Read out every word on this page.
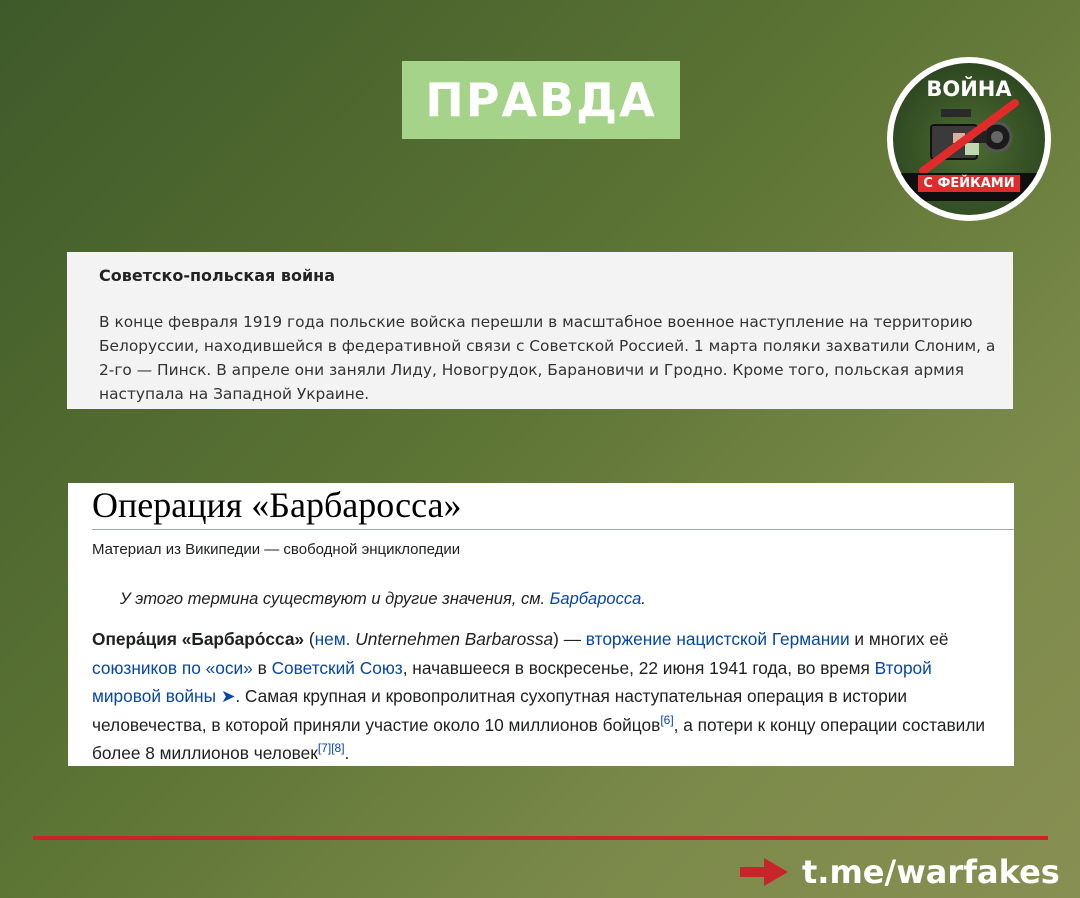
ПРАВДА	ВОЙНА
С ФЕЙКАМИ
Советско-польская война

В конце февраля 1919 года польские войска перешли в масштабное военное наступление на территорию Белоруссии, находившейся в федеративной связи с Советской Россией. 1 марта поляки захватили Слоним, а 2-го — Пинск. В апреле они заняли Лиду, Новогрудок, Барановичи и Гродно. Кроме того, польская армия наступала на Западной Украине.

Операция «Барбаросса»
Материал из Википедии — свободной энциклопедии
У этого термина существуют и другие значения, см. Барбаросса.

Опера́ция «Барбаро́сса» (нем. Unternehmen Barbarossa) — вторжение нацистской Германии и многих её союзников по «оси» в Советский Союз, начавшееся в воскресенье, 22 июня 1941 года, во время Второй мировой войны ➤. Самая крупная и кровопролитная сухопутная наступательная операция в истории человечества, в которой приняли участие около 10 миллионов бойцов[6], а потери к концу операции составили более 8 миллионов человек[7][8].

t.me/warfakes
